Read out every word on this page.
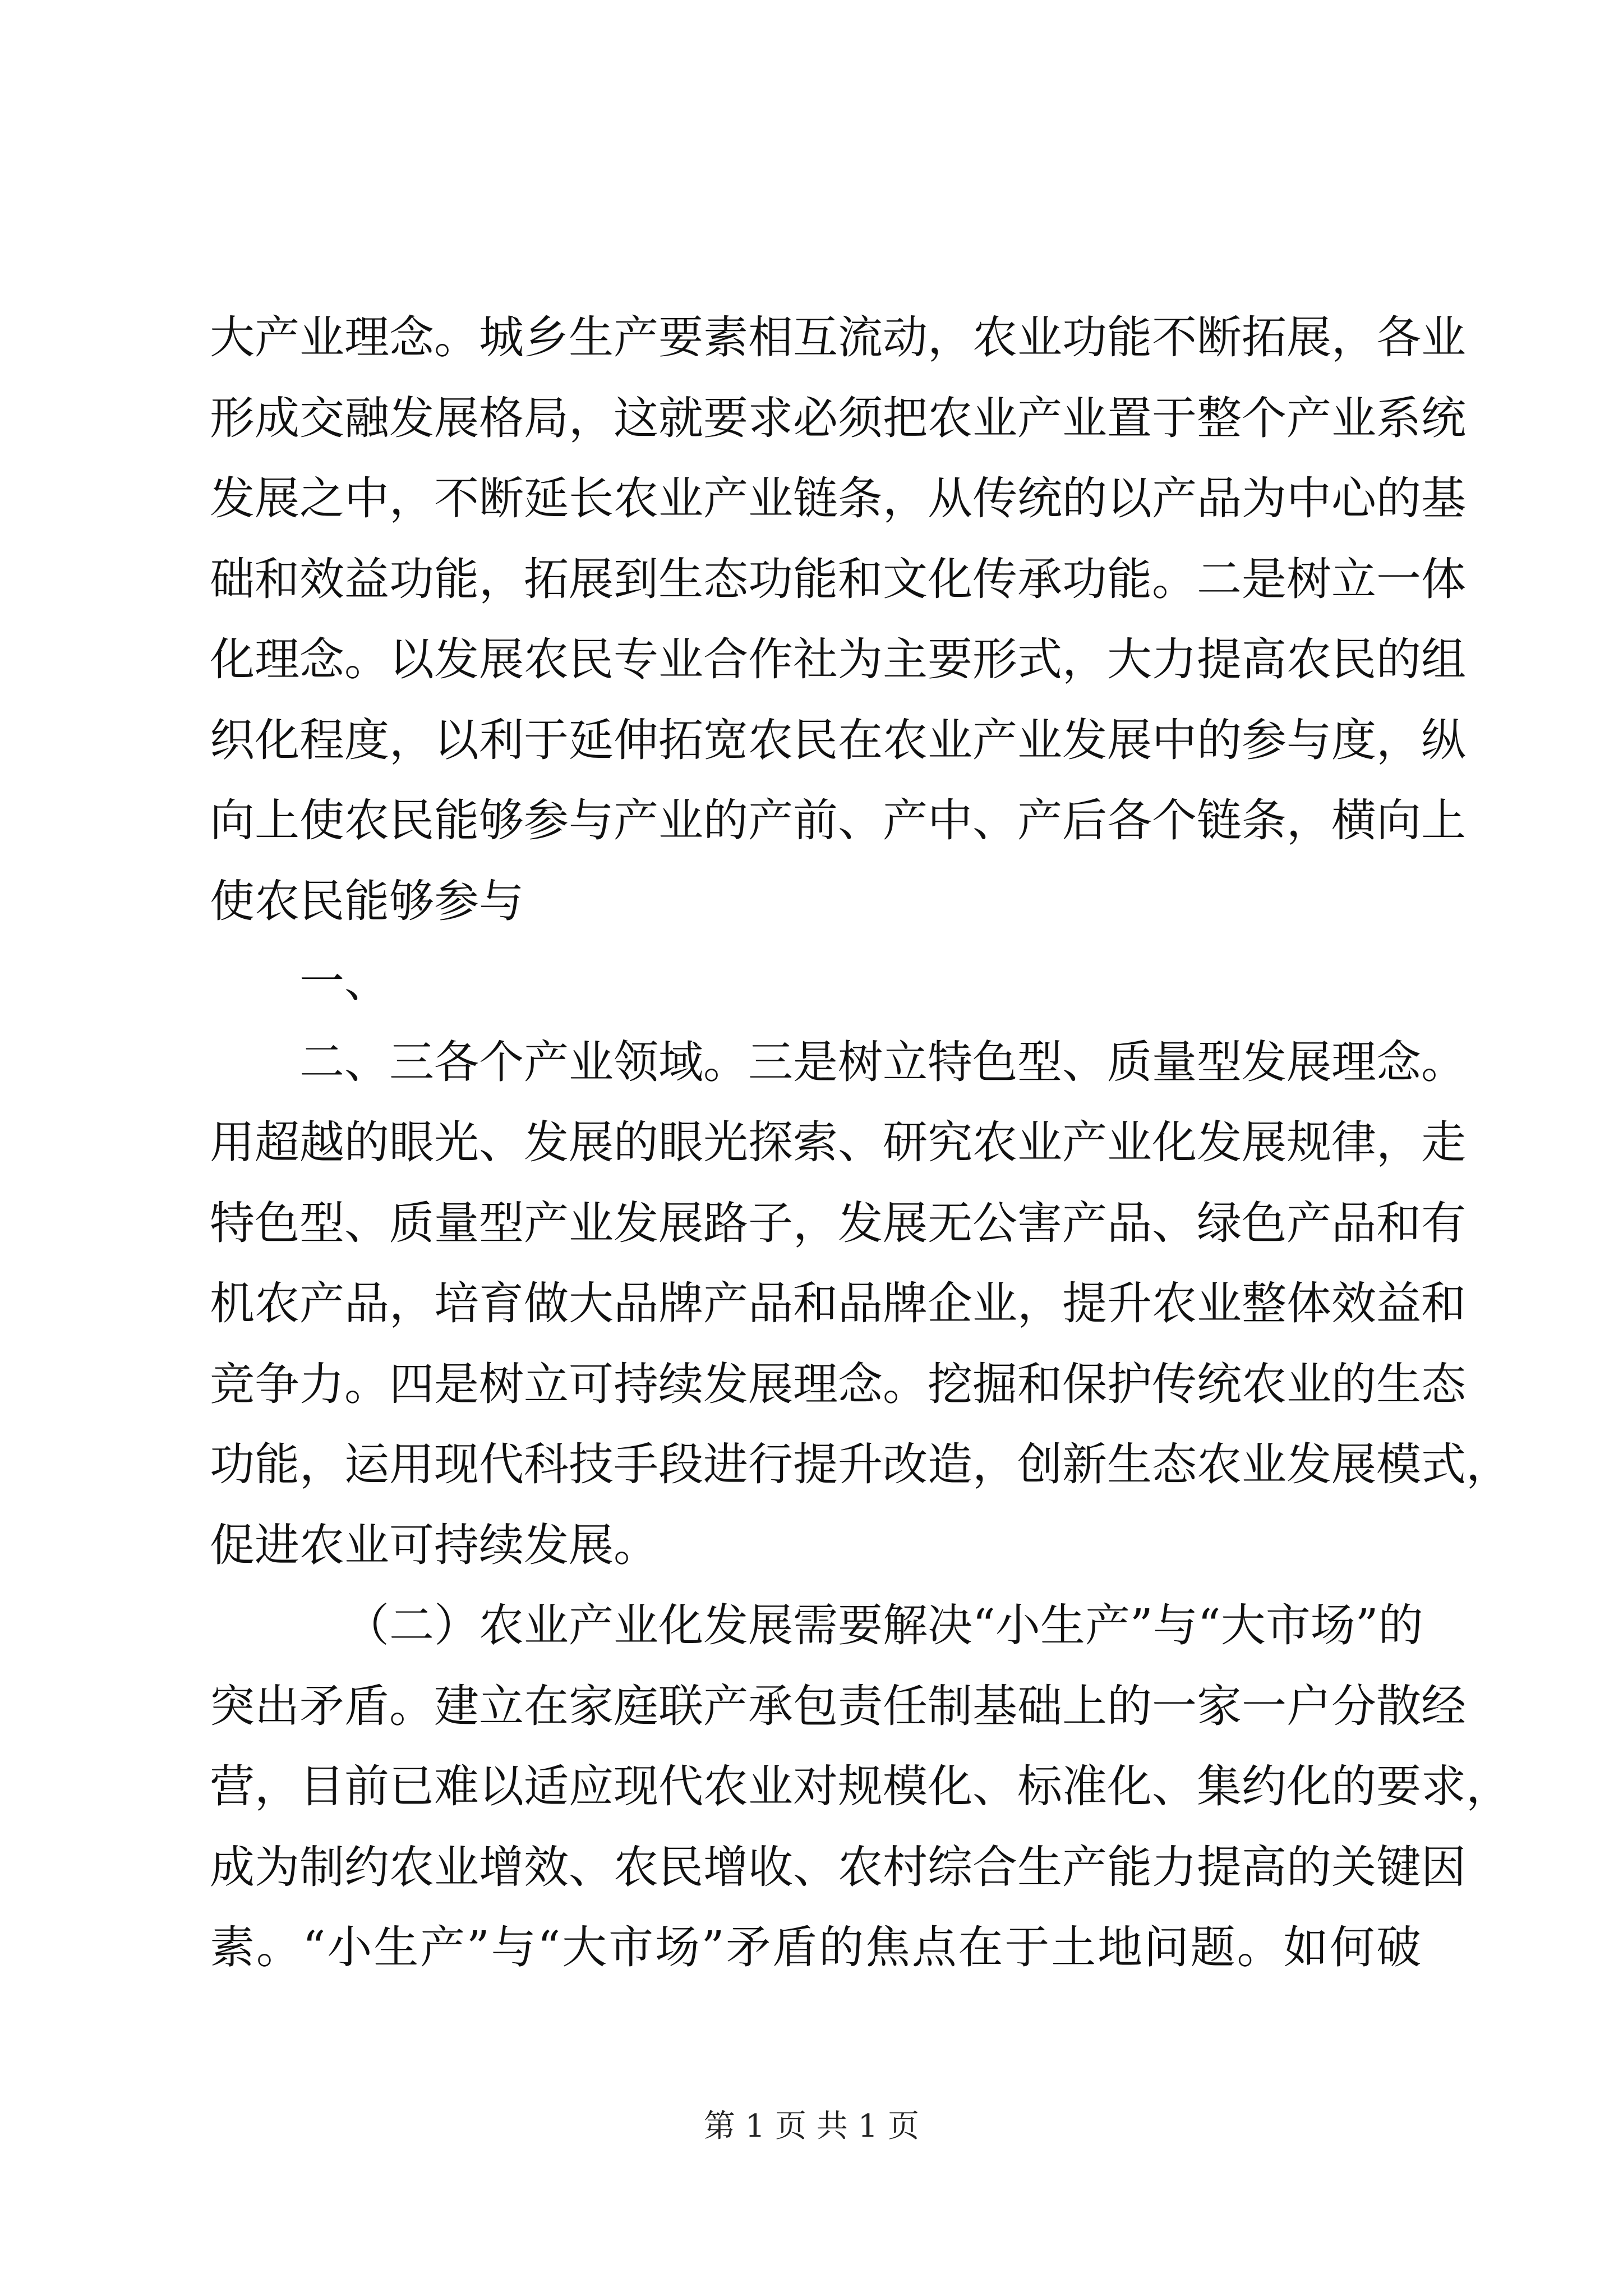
大产业理念。城乡生产要素相互流动，农业功能不断拓展，各业
形成交融发展格局，这就要求必须把农业产业置于整个产业系统
发展之中，不断延长农业产业链条，从传统的以产品为中心的基
础和效益功能，拓展到生态功能和文化传承功能。二是树立一体
化理念。以发展农民专业合作社为主要形式，大力提高农民的组
织化程度，以利于延伸拓宽农民在农业产业发展中的参与度，纵
向上使农民能够参与产业的产前、产中、产后各个链条，横向上
使农民能够参与
一、
二、三各个产业领域。三是树立特色型、质量型发展理念。
用超越的眼光、发展的眼光探索、研究农业产业化发展规律，走
特色型、质量型产业发展路子，发展无公害产品、绿色产品和有
机农产品，培育做大品牌产品和品牌企业，提升农业整体效益和
竞争力。四是树立可持续发展理念。挖掘和保护传统农业的生态
功能，运用现代科技手段进行提升改造，创新生态农业发展模式，
促进农业可持续发展。
（二）农业产业化发展需要解决“小生产”与“大市场”的
突出矛盾。建立在家庭联产承包责任制基础上的一家一户分散经
营，目前已难以适应现代农业对规模化、标准化、集约化的要求，
成为制约农业增效、农民增收、农村综合生产能力提高的关键因
素。“小生产”与“大市场”矛盾的焦点在于土地问题。如何破
第 1 页 共 1 页
